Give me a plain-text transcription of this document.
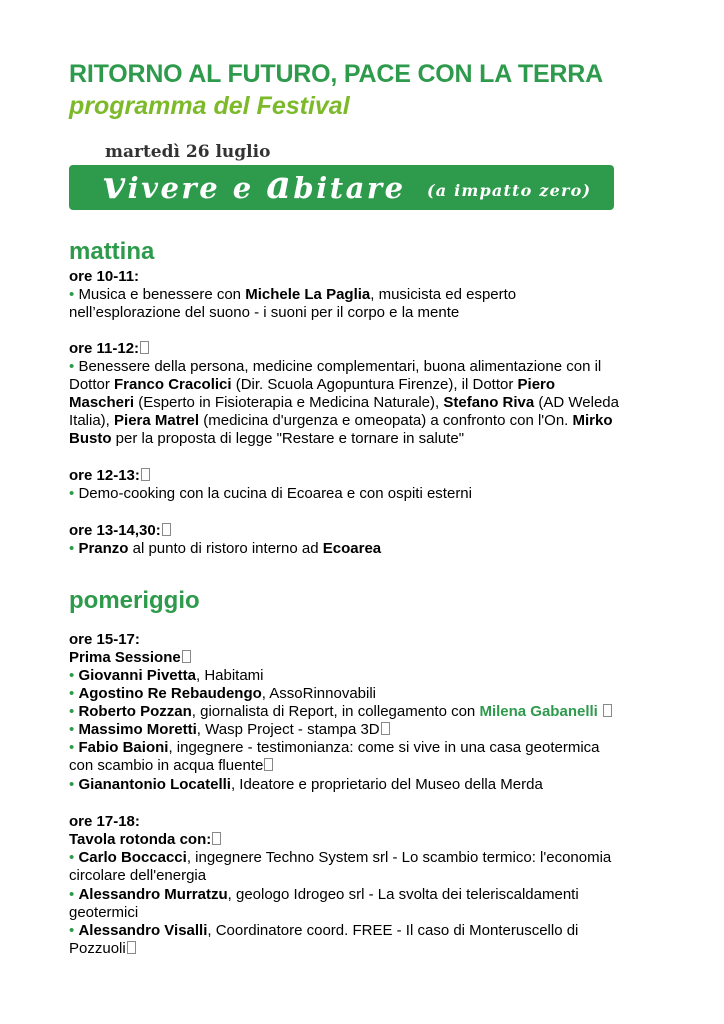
RITORNO AL FUTURO, PACE CON LA TERRA
programma del Festival
martedì 26 luglio
vivere e abitare (a impatto zero)
mattina
ore 10-11:
• Musica e benessere con Michele La Paglia, musicista ed esperto
nell’esplorazione del suono - i suoni per il corpo e la mente
ore 11-12:
• Benessere della persona, medicine complementari, buona alimentazione con il
Dottor Franco Cracolici (Dir. Scuola Agopuntura Firenze), il Dottor Piero
Mascheri (Esperto in Fisioterapia e Medicina Naturale), Stefano Riva (AD Weleda
Italia), Piera Matrel (medicina d'urgenza e omeopata) a confronto con l'On. Mirko
Busto per la proposta di legge "Restare e tornare in salute"
ore 12-13:
• Demo-cooking con la cucina di Ecoarea e con ospiti esterni
ore 13-14,30:
• Pranzo al punto di ristoro interno ad Ecoarea
pomeriggio
ore 15-17:
Prima Sessione
• Giovanni Pivetta, Habitami
• Agostino Re Rebaudengo, AssoRinnovabili
• Roberto Pozzan, giornalista di Report, in collegamento con Milena Gabanelli
• Massimo Moretti, Wasp Project - stampa 3D
• Fabio Baioni, ingegnere - testimonianza: come si vive in una casa geotermica
con scambio in acqua fluente
• Gianantonio Locatelli, Ideatore e proprietario del Museo della Merda
ore 17-18:
Tavola rotonda con:
• Carlo Boccacci, ingegnere Techno System srl - Lo scambio termico: l'economia
circolare dell'energia
• Alessandro Murratzu, geologo Idrogeo srl - La svolta dei teleriscaldamenti
geotermici
• Alessandro Visalli, Coordinatore coord. FREE - Il caso di Monteruscello di
Pozzuoli
